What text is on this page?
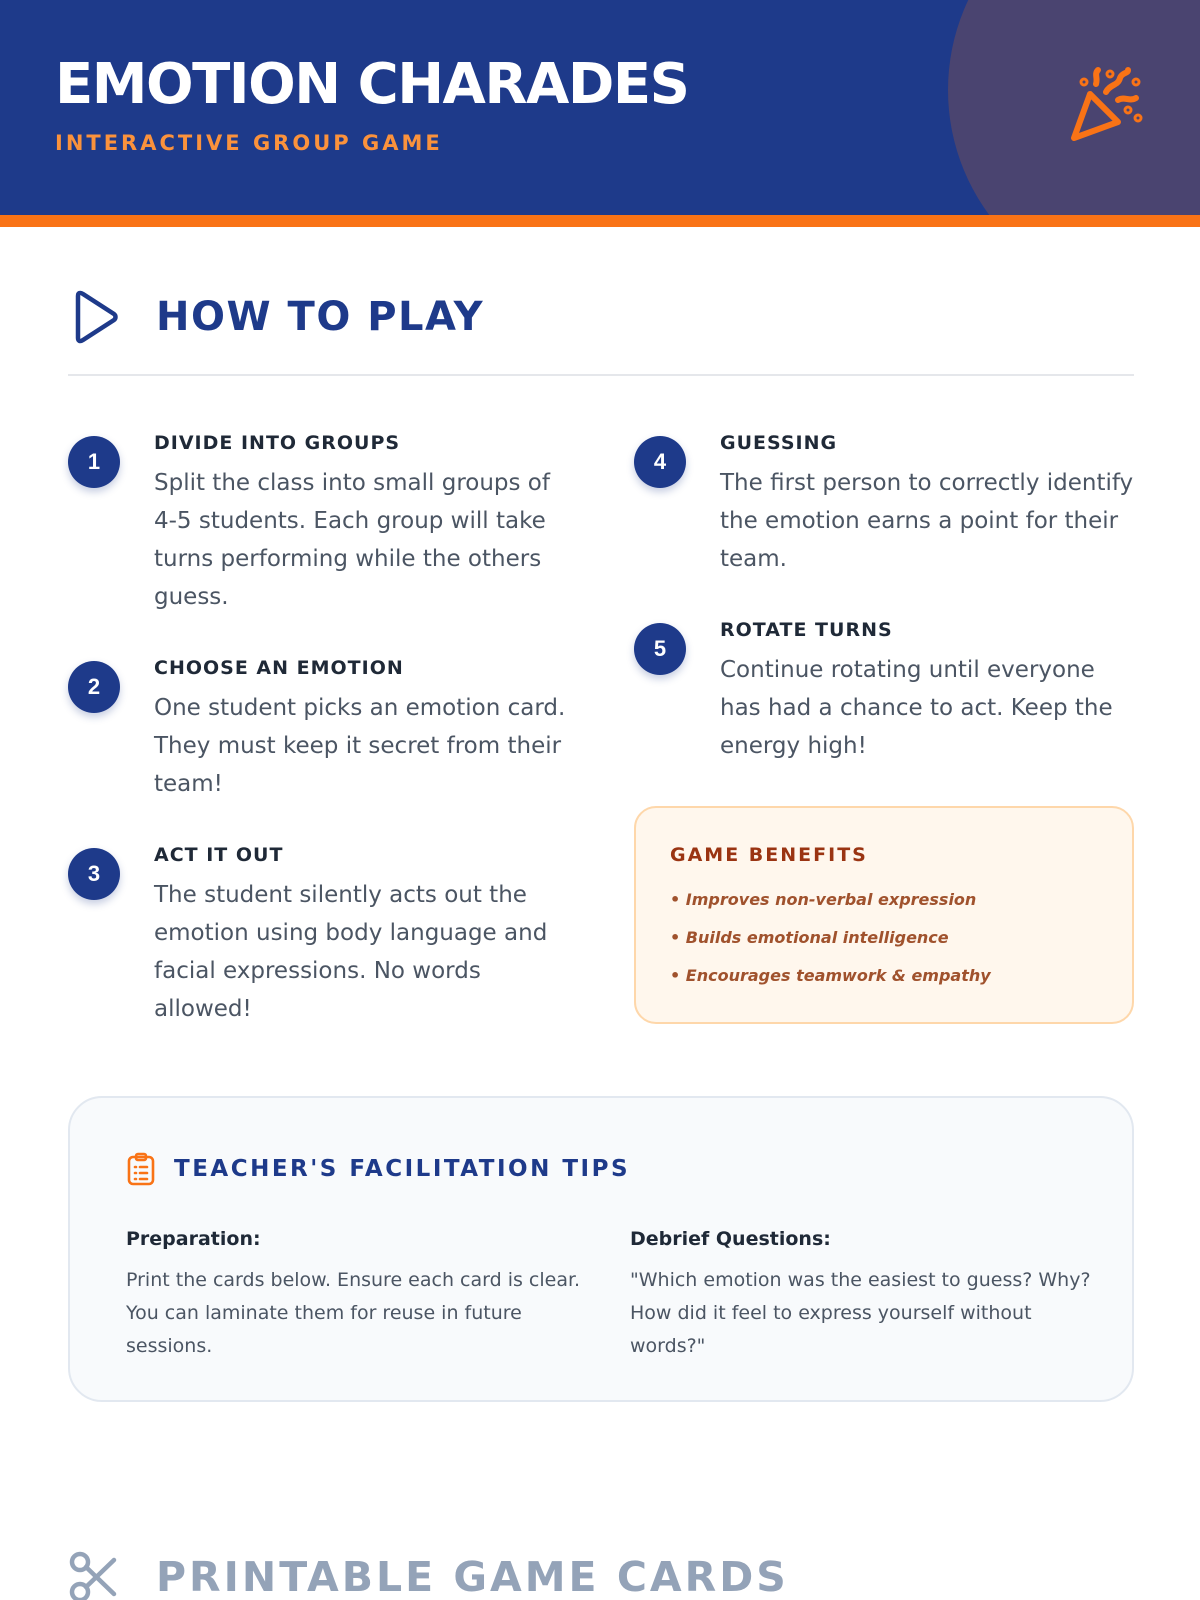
EMOTION CHARADES
INTERACTIVE GROUP GAME
HOW TO PLAY
1
DIVIDE INTO GROUPS

Split the class into small groups of 4-5 students. Each group will take turns performing while the others guess.

2
CHOOSE AN EMOTION

One student picks an emotion card. They must keep it secret from their team!

3
ACT IT OUT

The student silently acts out the emotion using body language and facial expressions. No words allowed!

4
GUESSING

The first person to correctly identify the emotion earns a point for their team.

5
ROTATE TURNS

Continue rotating until everyone has had a chance to act. Keep the energy high!

GAME BENEFITS
• Improves non-verbal expression
• Builds emotional intelligence
• Encourages teamwork & empathy
TEACHER'S FACILITATION TIPS
Preparation:

Print the cards below. Ensure each card is clear. You can laminate them for reuse in future sessions.

Debrief Questions:

"Which emotion was the easiest to guess? Why? How did it feel to express yourself without words?"

PRINTABLE GAME CARDS
